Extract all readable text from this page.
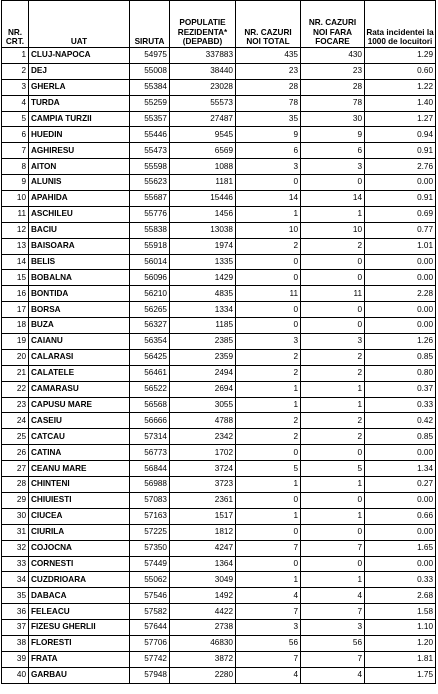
NR. CRT.	UAT	SIRUTA	POPULATIE REZIDENTA* (DEPABD)	NR. CAZURI NOI TOTAL	NR. CAZURI NOI FARA FOCARE	Rata incidentei la 1000 de locuitori
1	CLUJ-NAPOCA	54975	337883	435	430	1.29
2	DEJ	55008	38440	23	23	0.60
3	GHERLA	55384	23028	28	28	1.22
4	TURDA	55259	55573	78	78	1.40
5	CAMPIA TURZII	55357	27487	35	30	1.27
6	HUEDIN	55446	9545	9	9	0.94
7	AGHIRESU	55473	6569	6	6	0.91
8	AITON	55598	1088	3	3	2.76
9	ALUNIS	55623	1181	0	0	0.00
10	APAHIDA	55687	15446	14	14	0.91
11	ASCHILEU	55776	1456	1	1	0.69
12	BACIU	55838	13038	10	10	0.77
13	BAISOARA	55918	1974	2	2	1.01
14	BELIS	56014	1335	0	0	0.00
15	BOBALNA	56096	1429	0	0	0.00
16	BONTIDA	56210	4835	11	11	2.28
17	BORSA	56265	1334	0	0	0.00
18	BUZA	56327	1185	0	0	0.00
19	CAIANU	56354	2385	3	3	1.26
20	CALARASI	56425	2359	2	2	0.85
21	CALATELE	56461	2494	2	2	0.80
22	CAMARASU	56522	2694	1	1	0.37
23	CAPUSU MARE	56568	3055	1	1	0.33
24	CASEIU	56666	4788	2	2	0.42
25	CATCAU	57314	2342	2	2	0.85
26	CATINA	56773	1702	0	0	0.00
27	CEANU MARE	56844	3724	5	5	1.34
28	CHINTENI	56988	3723	1	1	0.27
29	CHIUIESTI	57083	2361	0	0	0.00
30	CIUCEA	57163	1517	1	1	0.66
31	CIURILA	57225	1812	0	0	0.00
32	COJOCNA	57350	4247	7	7	1.65
33	CORNESTI	57449	1364	0	0	0.00
34	CUZDRIOARA	55062	3049	1	1	0.33
35	DABACA	57546	1492	4	4	2.68
36	FELEACU	57582	4422	7	7	1.58
37	FIZESU GHERLII	57644	2738	3	3	1.10
38	FLORESTI	57706	46830	56	56	1.20
39	FRATA	57742	3872	7	7	1.81
40	GARBAU	57948	2280	4	4	1.75
